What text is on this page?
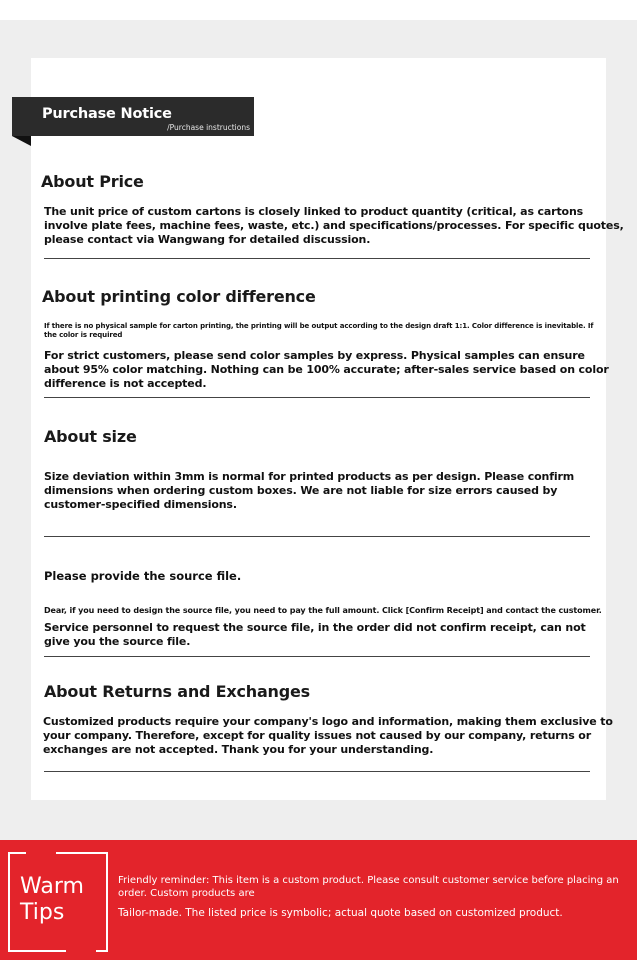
Purchase Notice
/Purchase instructions
About Price
The unit price of custom cartons is closely linked to product quantity (critical, as cartons involve plate fees, machine fees, waste, etc.) and specifications/processes. For specific quotes, please contact via Wangwang for detailed discussion.
About printing color difference
If there is no physical sample for carton printing, the printing will be output according to the design draft 1:1. Color difference is inevitable. If the color is required
For strict customers, please send color samples by express. Physical samples can ensure about 95% color matching. Nothing can be 100% accurate; after-sales service based on color difference is not accepted.
About size
Size deviation within 3mm is normal for printed products as per design. Please confirm dimensions when ordering custom boxes. We are not liable for size errors caused by customer-specified dimensions.
Please provide the source file.
Dear, if you need to design the source file, you need to pay the full amount. Click [Confirm Receipt] and contact the customer.
Service personnel to request the source file, in the order did not confirm receipt, can not give you the source file.
About Returns and Exchanges
Customized products require your company's logo and information, making them exclusive to your company. Therefore, except for quality issues not caused by our company, returns or exchanges are not accepted. Thank you for your understanding.
Warm
Tips
Friendly reminder: This item is a custom product. Please consult customer service before placing an order. Custom products are
Tailor-made. The listed price is symbolic; actual quote based on customized product.
